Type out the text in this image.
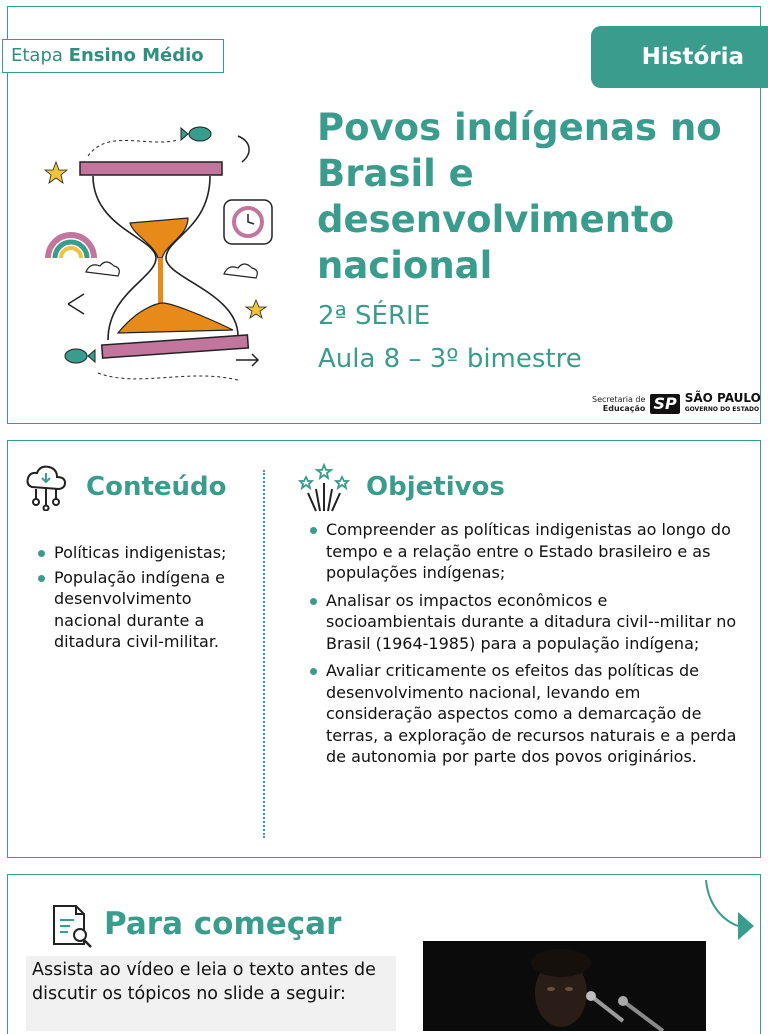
Etapa Ensino Médio	História
Povos indígenas no Brasil e desenvolvimento nacional
2ª SÉRIE
Aula 8 – 3º bimestre
Secretaria de
Educação SP SÃO PAULO
GOVERNO DO ESTADO
Conteúdo	Objetivos
Políticas indigenistas;
População indígena e desenvolvimento nacional durante a ditadura civil-militar.
Compreender as políticas indigenistas ao longo do tempo e a relação entre o Estado brasileiro e as populações indígenas;
Analisar os impactos econômicos e socioambientais durante a ditadura civil--militar no Brasil (1964-1985) para a população indígena;
Avaliar criticamente os efeitos das políticas de desenvolvimento nacional, levando em consideração aspectos como a demarcação de terras, a exploração de recursos naturais e a perda de autonomia por parte dos povos originários.
Para começar
Assista ao vídeo e leia o texto antes de discutir os tópicos no slide a seguir:
